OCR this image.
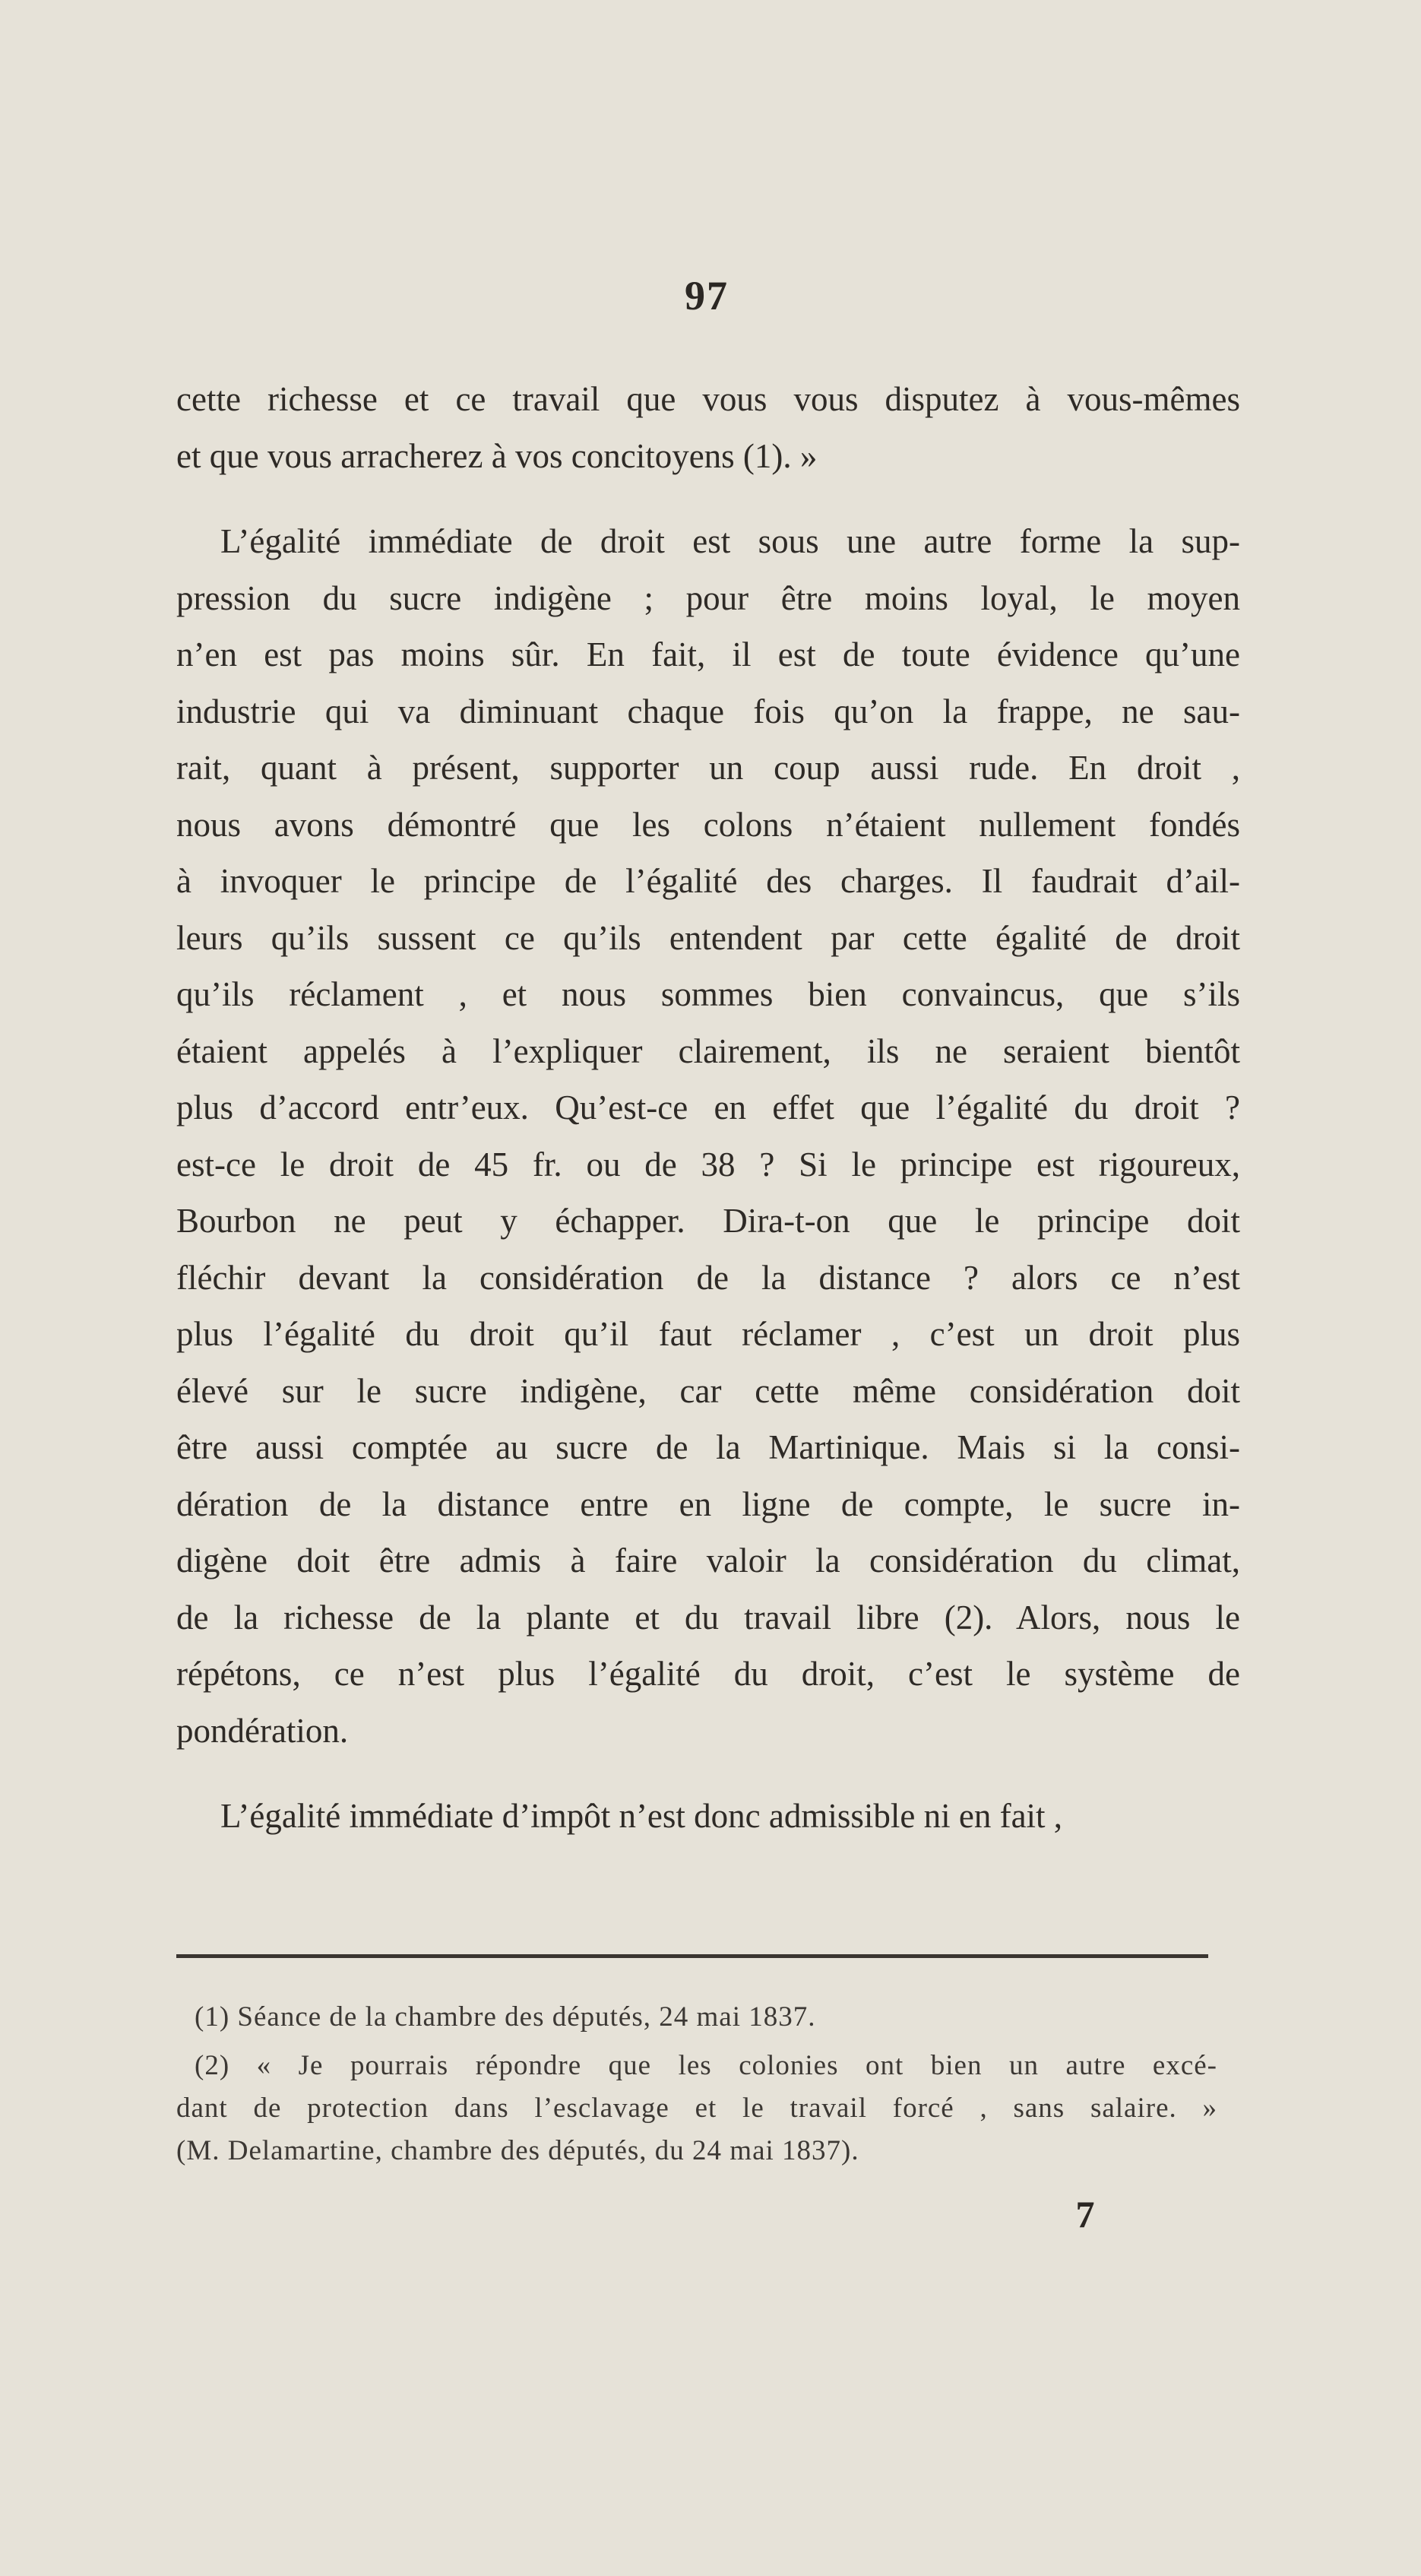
97

cette richesse et ce travail que vous vous disputez à vous-mêmes
et que vous arracherez à vos concitoyens (1). »

L’égalité immédiate de droit est sous une autre forme la sup-
pression du sucre indigène ; pour être moins loyal, le moyen
n’en est pas moins sûr. En fait, il est de toute évidence qu’une
industrie qui va diminuant chaque fois qu’on la frappe, ne sau-
rait, quant à présent, supporter un coup aussi rude. En droit ,
nous avons démontré que les colons n’étaient nullement fondés
à invoquer le principe de l’égalité des charges. Il faudrait d’ail-
leurs qu’ils sussent ce qu’ils entendent par cette égalité de droit
qu’ils réclament , et nous sommes bien convaincus, que s’ils
étaient appelés à l’expliquer clairement, ils ne seraient bientôt
plus d’accord entr’eux. Qu’est-ce en effet que l’égalité du droit ?
est-ce le droit de 45 fr. ou de 38 ? Si le principe est rigoureux,
Bourbon ne peut y échapper. Dira-t-on que le principe doit
fléchir devant la considération de la distance ? alors ce n’est
plus l’égalité du droit qu’il faut réclamer , c’est un droit plus
élevé sur le sucre indigène, car cette même considération doit
être aussi comptée au sucre de la Martinique. Mais si la consi-
dération de la distance entre en ligne de compte, le sucre in-
digène doit être admis à faire valoir la considération du climat,
de la richesse de la plante et du travail libre (2). Alors, nous le
répétons, ce n’est plus l’égalité du droit, c’est le système de
pondération.

L’égalité immédiate d’impôt n’est donc admissible ni en fait ,

(1) Séance de la chambre des députés, 24 mai 1837.
(2) « Je pourrais répondre que les colonies ont bien un autre excé-
dant de protection dans l’esclavage et le travail forcé , sans salaire. »
(M. Delamartine, chambre des députés, du 24 mai 1837).
7
